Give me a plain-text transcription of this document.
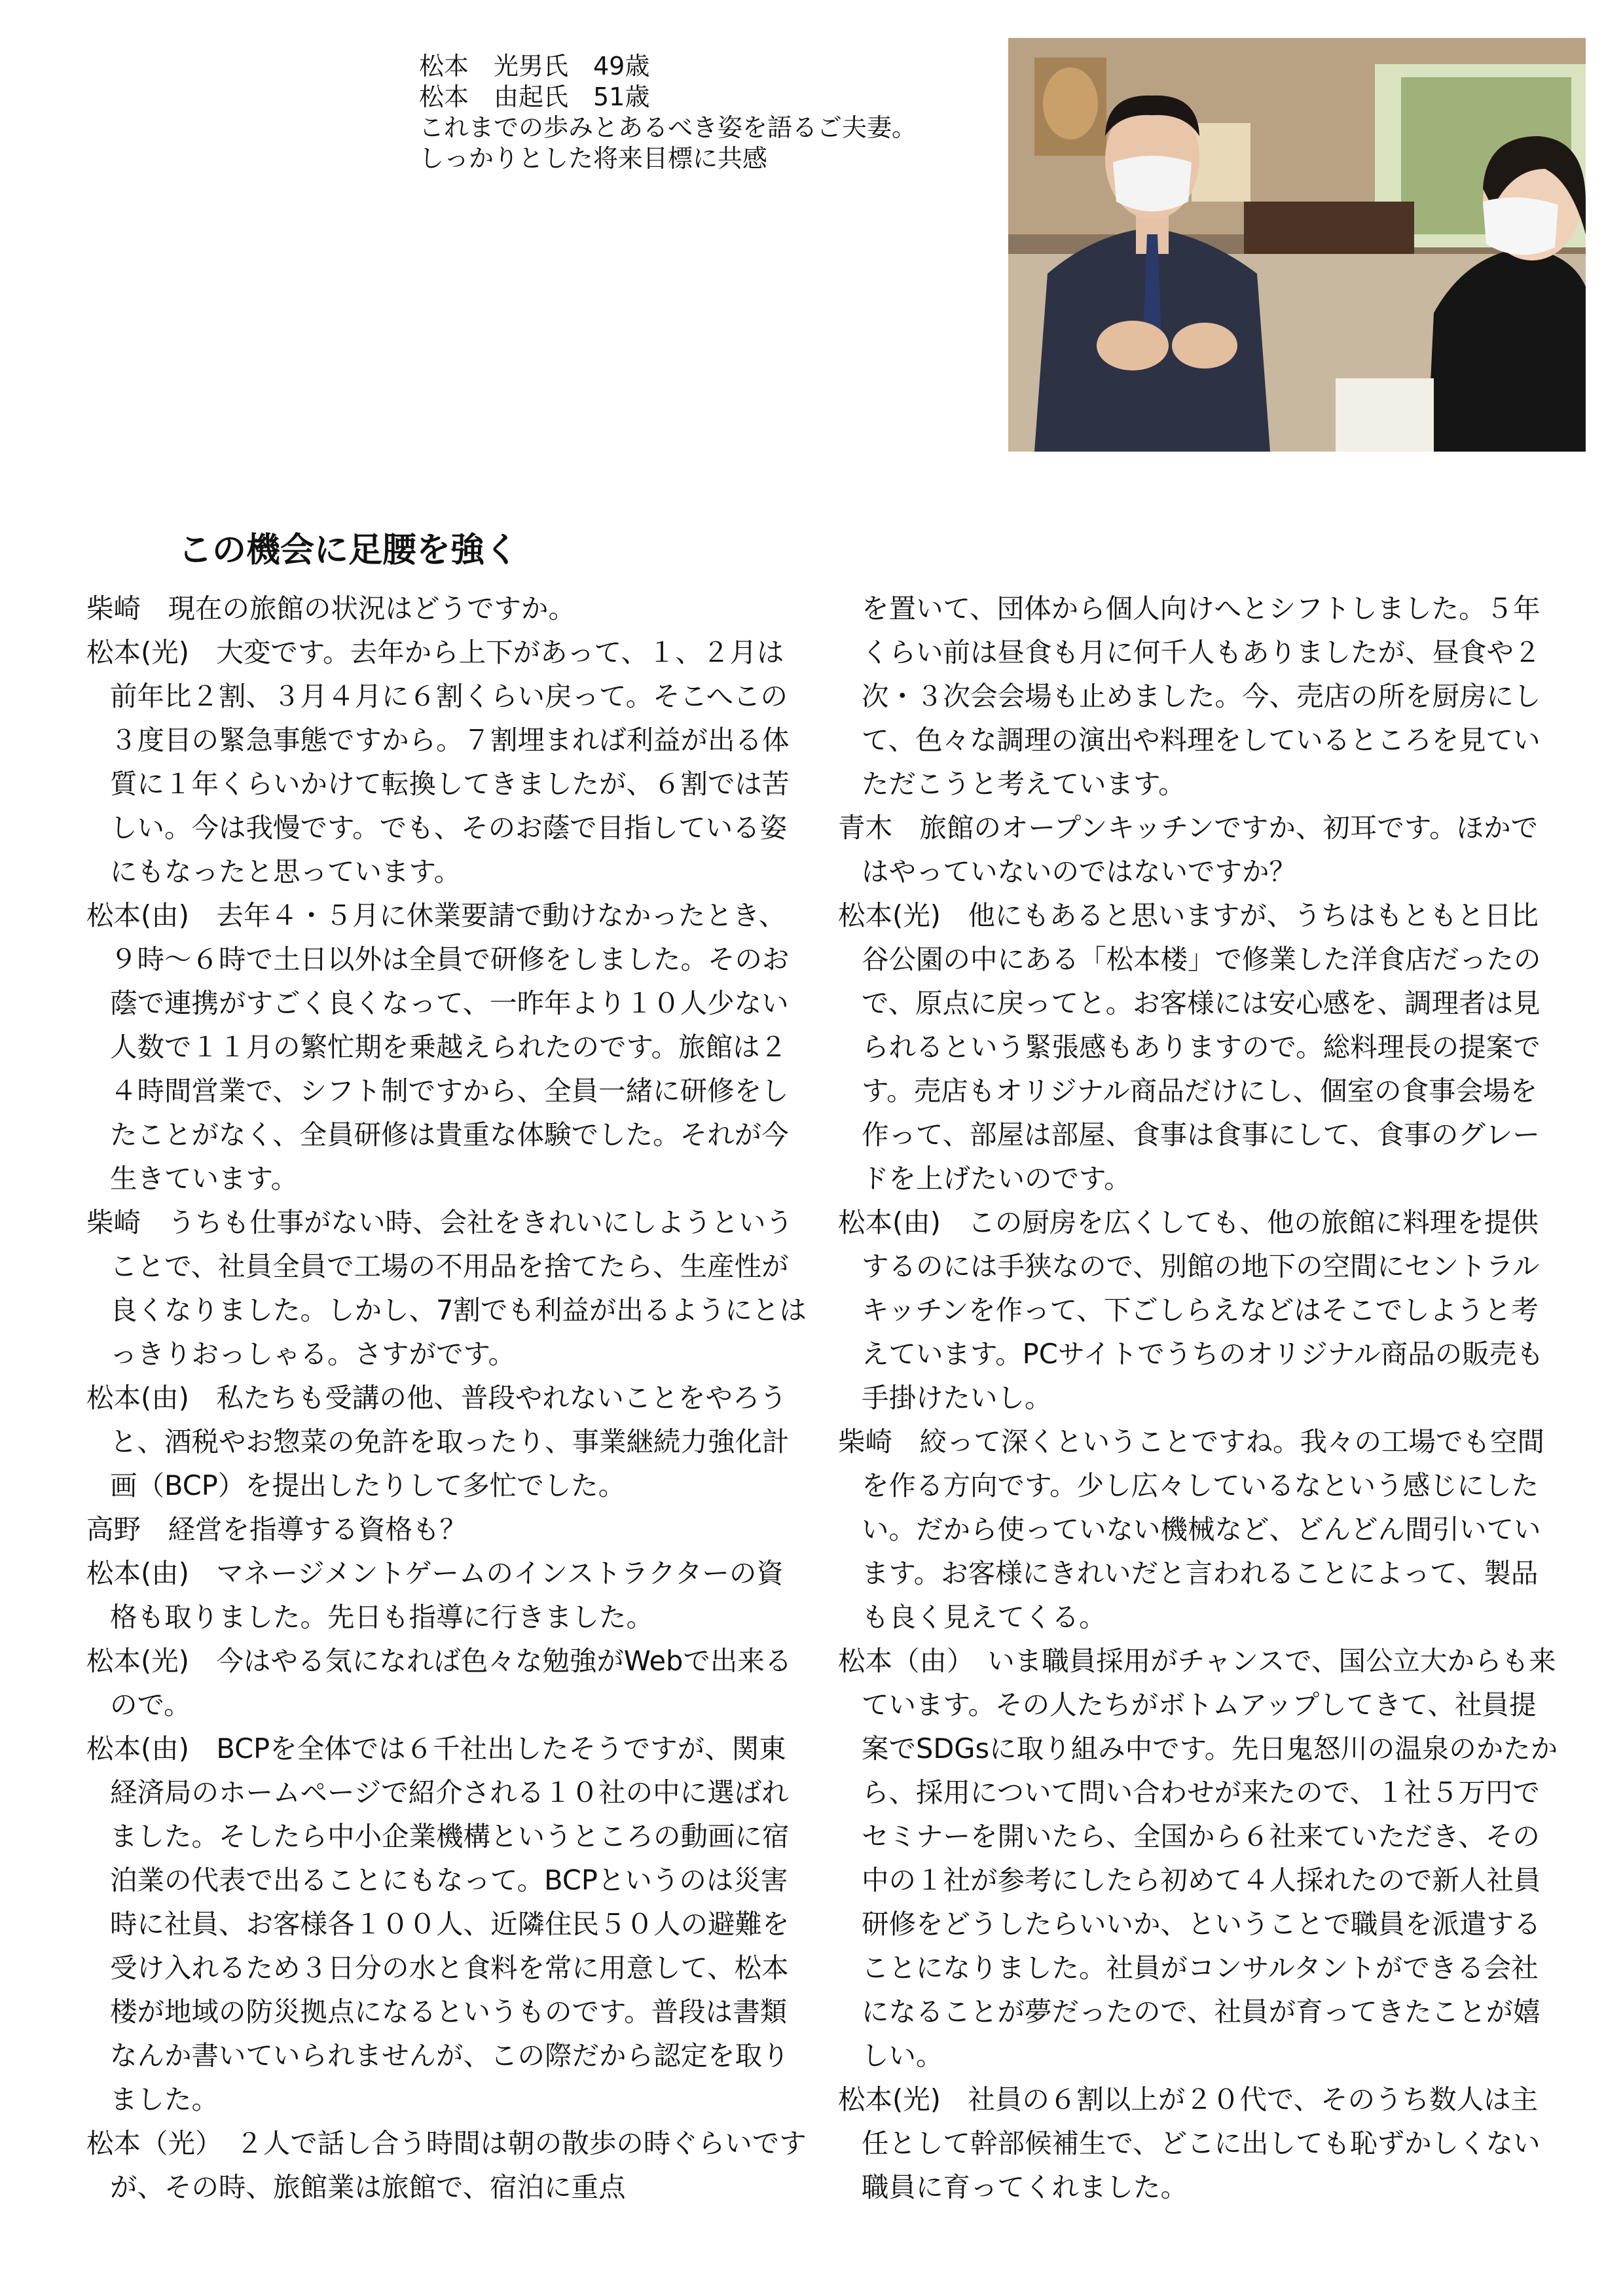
松本　光男氏　49歳
松本　由起氏　51歳
これまでの歩みとあるべき姿を語るご夫妻。
しっかりとした将来目標に共感
この機会に足腰を強く
柴崎　 現在の旅館の状況はどうですか。
松本(光)　 大変です。去年から上下があって、１、２月は前年比２割、３月４月に６割くらい戻って。そこへこの３度目の緊急事態ですから。７割埋まれば利益が出る体質に１年くらいかけて転換してきましたが、６割では苦しい。今は我慢です。でも、そのお蔭で目指している姿にもなったと思っています。
松本(由)　 去年４・５月に休業要請で動けなかったとき、９時～６時で土日以外は全員で研修をしました。そのお蔭で連携がすごく良くなって、一昨年より１０人少ない人数で１１月の繁忙期を乗越えられたのです。旅館は２４時間営業で、シフト制ですから、全員一緒に研修をしたことがなく、全員研修は貴重な体験でした。それが今生きています。
柴崎　 うちも仕事がない時、会社をきれいにしようということで、社員全員で工場の不用品を捨てたら、生産性が良くなりました。しかし、7割でも利益が出るようにとはっきりおっしゃる。さすがです。
松本(由)　 私たちも受講の他、普段やれないことをやろうと、酒税やお惣菜の免許を取ったり、事業継続力強化計画（BCP）を提出したりして多忙でした。
高野　 経営を指導する資格も？
松本(由)　 マネージメントゲームのインストラクターの資格も取りました。先日も指導に行きました。
松本(光)　 今はやる気になれば色々な勉強がWebで出来るので。
松本(由)　 BCPを全体では６千社出したそうですが、関東経済局のホームページで紹介される１０社の中に選ばれました。そしたら中小企業機構というところの動画に宿泊業の代表で出ることにもなって。BCPというのは災害時に社員、お客様各１００人、近隣住民５０人の避難を受け入れるため３日分の水と食料を常に用意して、松本楼が地域の防災拠点になるというものです。普段は書類なんか書いていられませんが、この際だから認定を取りました。
松本（光）　 ２人で話し合う時間は朝の散歩の時ぐらいですが、その時、旅館業は旅館で、宿泊に重点
を置いて、団体から個人向けへとシフトしました。５年くらい前は昼食も月に何千人もありましたが、昼食や２次・３次会会場も止めました。今、売店の所を厨房にして、色々な調理の演出や料理をしているところを見ていただこうと考えています。
青木　 旅館のオープンキッチンですか、初耳です。ほかではやっていないのではないですか？
松本(光)　 他にもあると思いますが、うちはもともと日比谷公園の中にある「松本楼」で修業した洋食店だったので、原点に戻ってと。お客様には安心感を、調理者は見られるという緊張感もありますので。総料理長の提案です。売店もオリジナル商品だけにし、個室の食事会場を作って、部屋は部屋、食事は食事にして、食事のグレードを上げたいのです。
松本(由)　 この厨房を広くしても、他の旅館に料理を提供するのには手狭なので、別館の地下の空間にセントラルキッチンを作って、下ごしらえなどはそこでしようと考えています。PCサイトでうちのオリジナル商品の販売も手掛けたいし。
柴崎　 絞って深くということですね。我々の工場でも空間を作る方向です。少し広々しているなという感じにしたい。だから使っていない機械など、どんどん間引いています。お客様にきれいだと言われることによって、製品も良く見えてくる。
松本（由）　 いま職員採用がチャンスで、国公立大からも来ています。その人たちがボトムアップしてきて、社員提案でSDGsに取り組み中です。先日鬼怒川の温泉のかたから、採用について問い合わせが来たので、１社５万円でセミナーを開いたら、全国から６社来ていただき、その中の１社が参考にしたら初めて４人採れたので新人社員研修をどうしたらいいか、ということで職員を派遣することになりました。社員がコンサルタントができる会社になることが夢だったので、社員が育ってきたことが嬉しい。
松本(光)　 社員の６割以上が２０代で、そのうち数人は主任として幹部候補生で、どこに出しても恥ずかしくない職員に育ってくれました。
